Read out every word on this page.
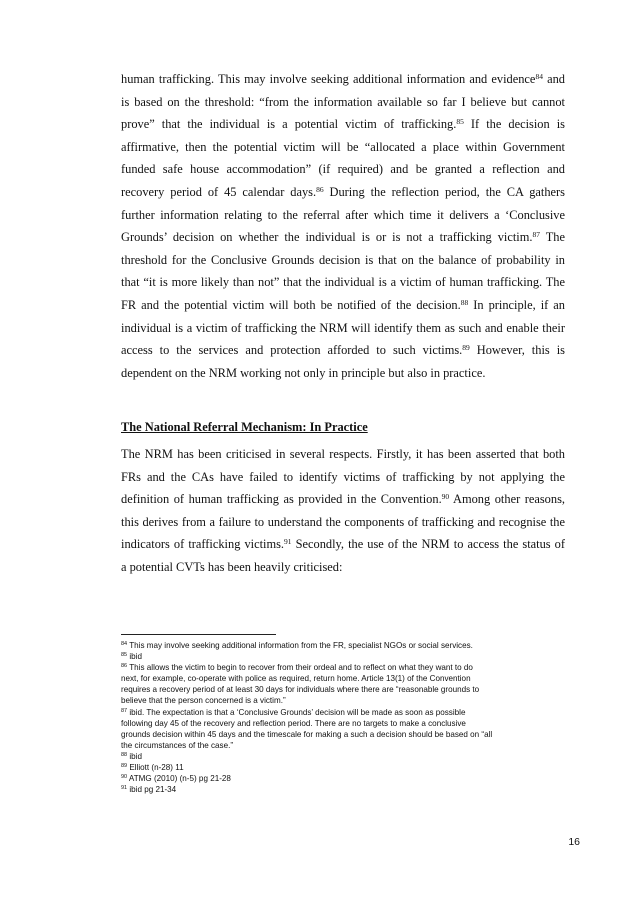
human trafficking. This may involve seeking additional information and evidence$^{84}$ and
is based on the threshold: “from the information available so far I believe but cannot
prove” that the individual is a potential victim of trafficking.$^{85}$ If the decision is
affirmative, then the potential victim will be “allocated a place within Government
funded safe house accommodation” (if required) and be granted a reflection and
recovery period of 45 calendar days.$^{86}$ During the reflection period, the CA gathers
further information relating to the referral after which time it delivers a ‘Conclusive
Grounds’ decision on whether the individual is or is not a trafficking victim.$^{87}$ The
threshold for the Conclusive Grounds decision is that on the balance of probability in
that “it is more likely than not” that the individual is a victim of human trafficking. The
FR and the potential victim will both be notified of the decision.$^{88}$ In principle, if an
individual is a victim of trafficking the NRM will identify them as such and enable their
access to the services and protection afforded to such victims.$^{89}$ However, this is
dependent on the NRM working not only in principle but also in practice.
The National Referral Mechanism: In Practice
The NRM has been criticised in several respects. Firstly, it has been asserted that both
FRs and the CAs have failed to identify victims of trafficking by not applying the
definition of human trafficking as provided in the Convention.$^{90}$ Among other reasons,
this derives from a failure to understand the components of trafficking and recognise the
indicators of trafficking victims.$^{91}$ Secondly, the use of the NRM to access the status of
a potential CVTs has been heavily criticised:
$^{84}$ This may involve seeking additional information from the FR, specialist NGOs or social services.
$^{85}$ ibid
$^{86}$ This allows the victim to begin to recover from their ordeal and to reflect on what they want to do
next, for example, co-operate with police as required, return home. Article 13(1) of the Convention
requires a recovery period of at least 30 days for individuals where there are “reasonable grounds to
believe that the person concerned is a victim.”
$^{87}$ ibid. The expectation is that a ‘Conclusive Grounds’ decision will be made as soon as possible
following day 45 of the recovery and reflection period. There are no targets to make a conclusive
grounds decision within 45 days and the timescale for making a such a decision should be based on “all
the circumstances of the case.”
$^{88}$ ibid
$^{89}$ Elliott (n-28) 11
$^{90}$ ATMG (2010) (n-5) pg 21-28
$^{91}$ ibid pg 21-34
16
